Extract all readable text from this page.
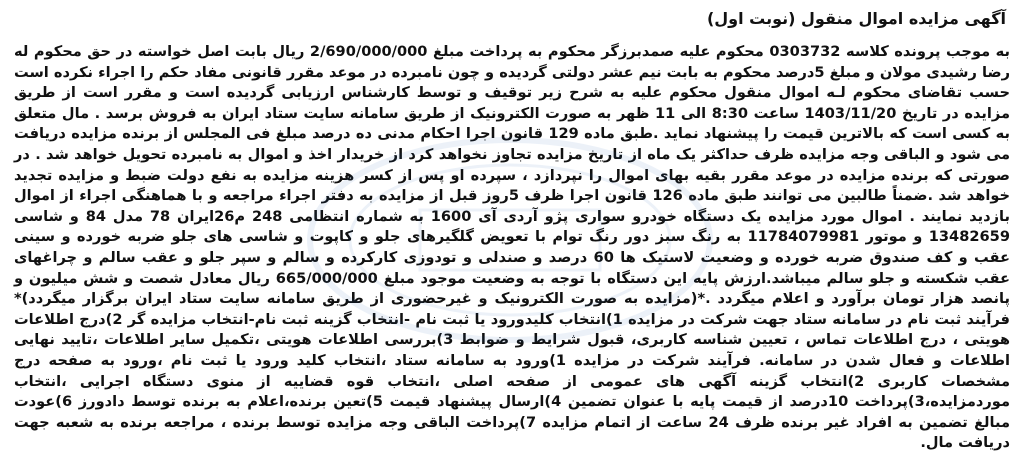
آگهی مزایده اموال منقول (نوبت اول)

به موجب پرونده کلاسه 0303732 محکوم علیه صمدبرزگر محکوم به پرداخت مبلغ 2/690/000/000 ریال بابت اصل خواسته در حق محکوم له رضا رشیدی مولان و مبلغ 5درصد محکوم به بابت نیم عشر دولتی گردیده و چون نامبرده در موعد مقرر قانونی مفاد حکم را اجراء نکرده است حسب تقاضای محکوم لـه اموال منقول محکوم علیه به شرح زیر توقیف و توسط کارشناس ارزیابی گردیده است و مقرر است از طریق مزایده در تاریخ 1403/11/20 ساعت 8:30 الی 11 ظهر به صورت الکترونیک از طریق سامانه سایت ستاد ایران به فروش برسد . مال متعلق به کسی است که بالاترین قیمت را پیشنهاد نماید .طبق ماده 129 قانون اجرا احکام مدنی ده درصد مبلغ فی المجلس از برنده مزایده دریافت می شود و الباقی وجه مزایده ظرف حداکثر یک ماه از تاریخ مزایده تجاوز نخواهد کرد از خریدار اخذ و اموال به نامبرده تحویل خواهد شد . در صورتی که برنده مزایده در موعد مقرر بقیه بهای اموال را نپردازد ، سپرده او پس از کسر هزینه مزایده به نفع دولت ضبط و مزایده تجدید خواهد شد .ضمناً طالبین می توانند طبق ماده 126 قانون اجرا ظرف 5روز قبل از مزایده به دفتر اجراء مراجعه و با هماهنگی اجراء از اموال بازدید نمایند . اموال مورد مزایده یک دستگاه خودرو سواری پژو آردی آی 1600 به شماره انتظامی 248 م26ایران 78 مدل 84 و شاسی 13482659 و موتور 11784079981 به رنگ سبز دور رنگ توام با تعویض گلگیرهای جلو و کاپوت و شاسی های جلو ضربه خورده و سینی عقب و کف صندوق ضربه خورده و وضعیت لاستیک ها 60 درصد و صندلی و تودوزی کارکرده و سالم و سپر جلو و عقب سالم و چراغهای عقب شکسته و جلو سالم میباشد.ارزش پایه این دستگاه با توجه به وضعیت موجود مبلغ 665/000/000 ریال معادل شصت و شش میلیون و پانصد هزار تومان برآورد و اعلام میگردد .*(مزایده به صورت الکترونیک و غیرحضوری از طریق سامانه سایت ستاد ایران برگزار میگردد)* فرآیند ثبت نام در سامانه ستاد جهت شرکت در مزایده 1)انتخاب کلیدورود یا ثبت نام -انتخاب گزینه ثبت نام-انتخاب مزایده گر 2)درج اطلاعات هویتی ، درج اطلاعات تماس ، تعیین شناسه کاربری، قبول شرایط و ضوابط 3)بررسی اطلاعات هویتی ،تکمیل سایر اطلاعات ،تایید نهایی اطلاعات و فعال شدن در سامانه. فرآیند شرکت در مزایده 1)ورود به سامانه ستاد ،انتخاب کلید ورود یا ثبت نام ،ورود به صفحه درج مشخصات کاربری 2)انتخاب گزینه آگهی های عمومی از صفحه اصلی ،انتخاب قوه قضاییه از منوی دستگاه اجرایی ،انتخاب موردمزایده،3)پرداخت 10درصد از قیمت پایه با عنوان تضمین 4)ارسال پیشنهاد قیمت 5)تعین برنده،اعلام به برنده توسط دادورز 6)عودت مبالغ تضمین به افراد غیر برنده ظرف 24 ساعت از اتمام مزایده 7)پرداخت الباقی وجه مزایده توسط برنده ، مراجعه برنده به شعبه جهت دریافت مال.
